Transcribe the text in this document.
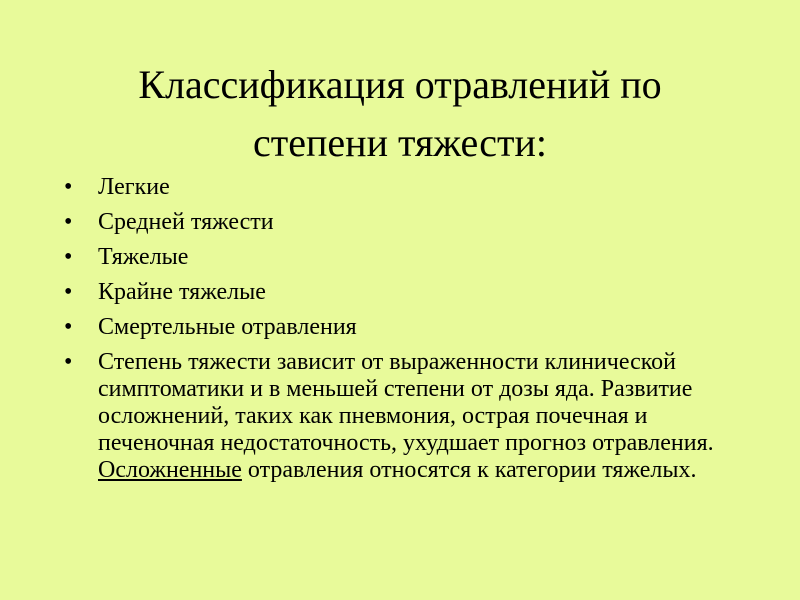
Классификация отравлений по
степени тяжести:
•	Легкие
•	Средней тяжести
•	Тяжелые
•	Крайне тяжелые
•	Смертельные отравления
•	Степень тяжести зависит от выраженности клинической симптоматики и в меньшей степени от дозы яда. Развитие осложнений, таких как пневмония, острая почечная и печеночная недостаточность, ухудшает прогноз отравления. Осложненные отравления относятся к категории тяжелых.
